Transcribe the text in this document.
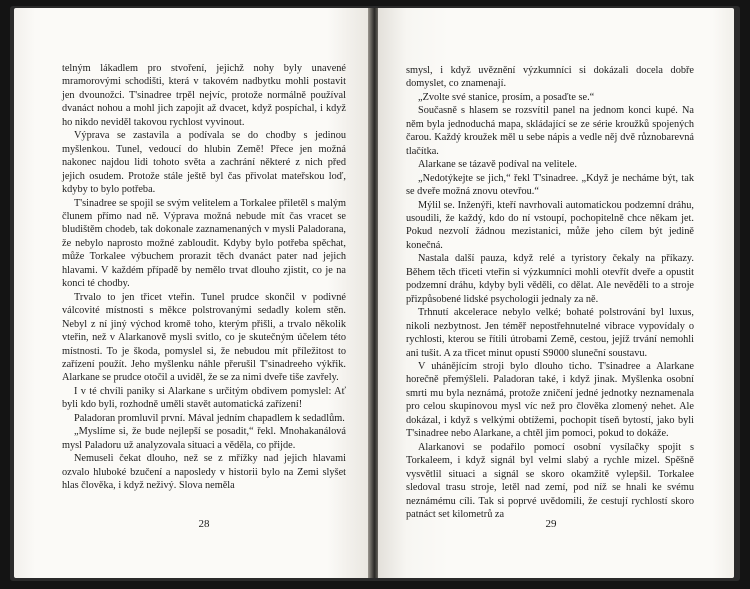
telným lákadlem pro stvoření, jejichž nohy byly unavené mramorovými schodišti, která v takovém nadbytku mohli postavit jen dvounožci. T'sinadree trpěl nejvíc, protože normálně používal dvanáct nohou a mohl jich zapojit až dvacet, když pospíchal, i když ho nikdo neviděl takovou rychlost vyvinout.

Výprava se zastavila a podívala se do chodby s jedinou myšlenkou. Tunel, vedoucí do hlubin Země! Přece jen možná nakonec najdou lidi tohoto světa a zachrání některé z nich před jejich osudem. Protože stále ještě byl čas přivolat mateřskou loď, kdyby to bylo potřeba.

T'sinadree se spojil se svým velitelem a Torkalee přiletěl s malým člunem přímo nad ně. Výprava možná nebude mít čas vracet se bludištěm chodeb, tak dokonale zaznamenaných v mysli Paladorana, že nebylo naprosto možné zabloudit. Kdyby bylo potřeba spěchat, může Torkalee výbuchem prorazit těch dvanáct pater nad jejich hlavami. V každém případě by nemělo trvat dlouho zjistit, co je na konci té chodby.

Trvalo to jen třicet vteřin. Tunel prudce skončil v podivné válcovité místnosti s měkce polstrovanými sedadly kolem stěn. Nebyl z ní jiný východ kromě toho, kterým přišli, a trvalo několik vteřin, než v Alarkanově mysli svitlo, co je skutečným účelem této místnosti. To je škoda, pomyslel si, že nebudou mít příležitost to zařízení použít. Jeho myšlenku náhle přerušil T'sinadreeho výkřik. Alarkane se prudce otočil a uviděl, že se za nimi dveře tiše zavřely.

I v té chvíli paniky si Alarkane s určitým obdivem pomyslel: Ať byli kdo byli, rozhodně uměli stavět automatická zařízení!

Paladoran promluvil první. Mával jedním chapadlem k sedadlům.

„Myslíme si, že bude nejlepší se posadit,“ řekl. Mnohakanálová mysl Paladoru už analyzovala situaci a věděla, co přijde.

Nemuseli čekat dlouho, než se z mřížky nad jejich hlavami ozvalo hluboké bzučení a naposledy v historii bylo na Zemi slyšet hlas člověka, i když neživý. Slova neměla

28

smysl, i když uvěznění výzkumníci si dokázali docela dobře domyslet, co znamenají.

„Zvolte své stanice, prosím, a posaďte se.“

Současně s hlasem se rozsvítil panel na jednom konci kupé. Na něm byla jednoduchá mapa, skládající se ze série kroužků spojených čarou. Každý kroužek měl u sebe nápis a vedle něj dvě různobarevná tlačítka.

Alarkane se tázavě podíval na velitele.

„Nedotýkejte se jich,“ řekl T'sinadree. „Když je necháme být, tak se dveře možná znovu otevřou.“

Mýlil se. Inženýři, kteří navrhovali automatickou podzemní dráhu, usoudili, že každý, kdo do ní vstoupí, pochopitelně chce někam jet. Pokud nezvolí žádnou mezistanici, může jeho cílem být jedině konečná.

Nastala další pauza, když relé a tyristory čekaly na příkazy. Během těch třiceti vteřin si výzkumníci mohli otevřít dveře a opustit podzemní dráhu, kdyby byli věděli, co dělat. Ale nevěděli to a stroje přizpůsobené lidské psychologii jednaly za ně.

Trhnutí akcelerace nebylo velké; bohaté polstrování byl luxus, nikoli nezbytnost. Jen téměř nepostřehnutelné vibrace vypovídaly o rychlosti, kterou se řítili útrobami Země, cestou, jejíž trvání nemohli ani tušit. A za třicet minut opustí S9000 sluneční soustavu.

V uhánějícím stroji bylo dlouho ticho. T'sinadree a Alarkane horečně přemýšleli. Paladoran také, i když jinak. Myšlenka osobní smrti mu byla neznámá, protože zničení jedné jednotky neznamenala pro celou skupinovou mysl víc než pro člověka zlomený nehet. Ale dokázal, i když s velkými obtížemi, pochopit tíseň bytostí, jako byli T'sinadree nebo Alarkane, a chtěl jim pomoci, pokud to dokáže.

Alarkanovi se podařilo pomocí osobní vysílačky spojit s Torkaleem, i když signál byl velmi slabý a rychle mizel. Spěšně vysvětlil situaci a signál se skoro okamžitě vylepšil. Torkalee sledoval trasu stroje, letěl nad zemí, pod níž se hnali ke svému neznámému cíli. Tak si poprvé uvědomili, že cestují rychlostí skoro patnáct set kilometrů za

29
